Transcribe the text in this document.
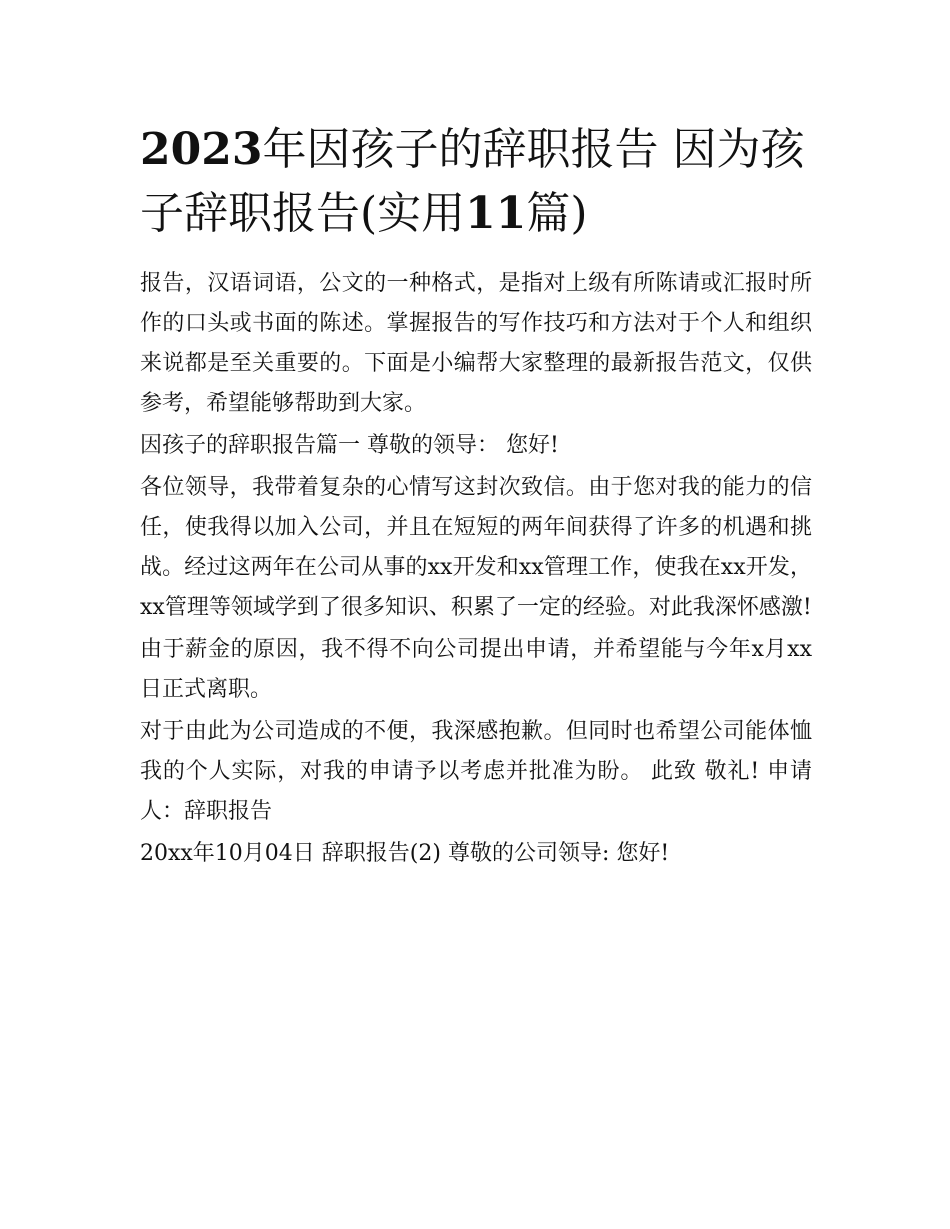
2023年因孩子的辞职报告 因为孩子辞职报告(实用11篇)

报告，汉语词语，公文的一种格式，是指对上级有所陈请或汇报时所作的口头或书面的陈述。掌握报告的写作技巧和方法对于个人和组织来说都是至关重要的。下面是小编帮大家整理的最新报告范文，仅供参考，希望能够帮助到大家。

因孩子的辞职报告篇一 尊敬的领导： 您好!

各位领导，我带着复杂的心情写这封次致信。由于您对我的能力的信任，使我得以加入公司，并且在短短的两年间获得了许多的机遇和挑战。经过这两年在公司从事的xx开发和xx管理工作，使我在xx开发，xx管理等领域学到了很多知识、积累了一定的经验。对此我深怀感激!

由于薪金的原因，我不得不向公司提出申请，并希望能与今年x月xx日正式离职。

对于由此为公司造成的不便，我深感抱歉。但同时也希望公司能体恤我的个人实际，对我的申请予以考虑并批准为盼。 此致 敬礼! 申请人：辞职报告

20xx年10月04日 辞职报告(2) 尊敬的公司领导: 您好!
